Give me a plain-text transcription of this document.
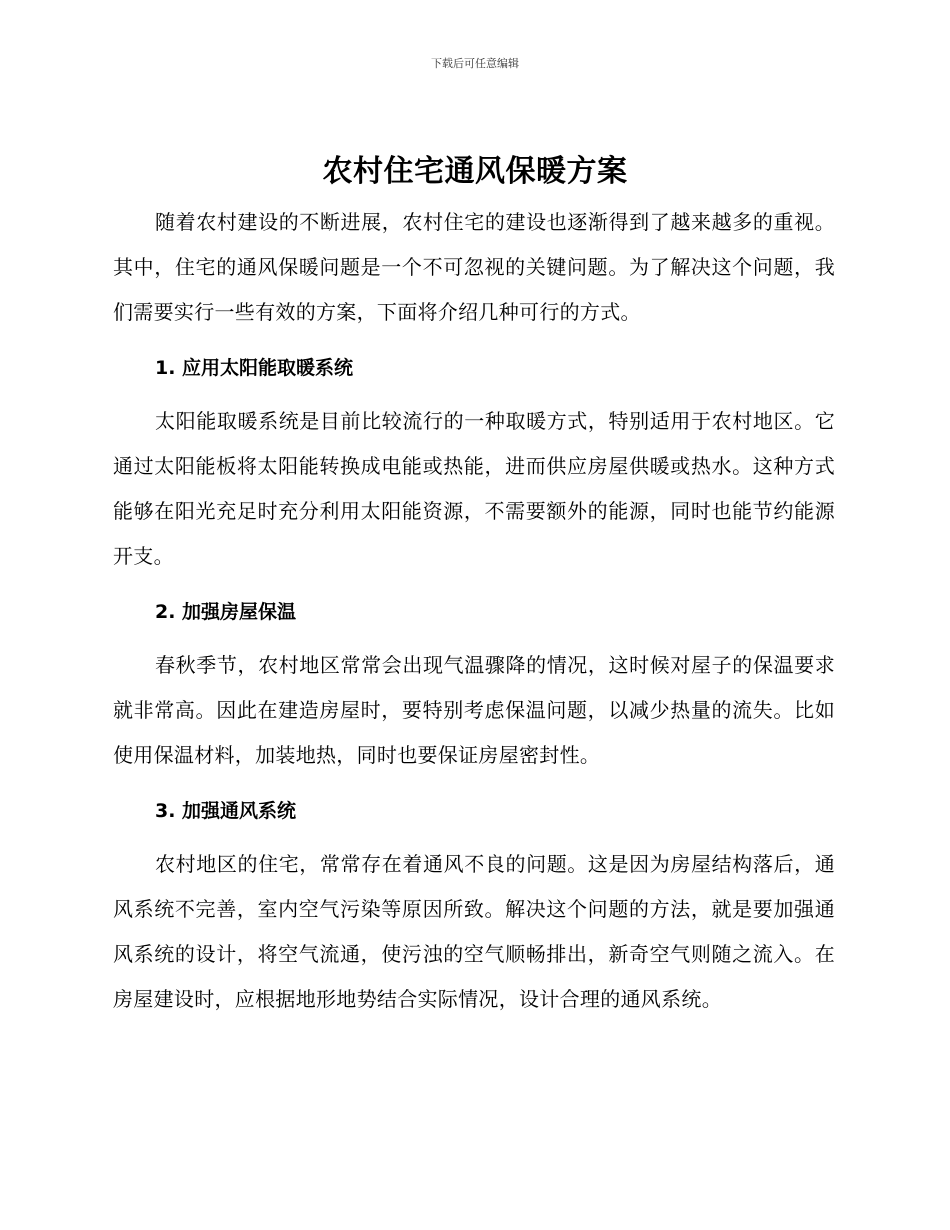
下载后可任意编辑
农村住宅通风保暖方案

随着农村建设的不断进展，农村住宅的建设也逐渐得到了越来越多的重视。其中，住宅的通风保暖问题是一个不可忽视的关键问题。为了解决这个问题，我们需要实行一些有效的方案，下面将介绍几种可行的方式。

1. 应用太阳能取暖系统

太阳能取暖系统是目前比较流行的一种取暖方式，特别适用于农村地区。它通过太阳能板将太阳能转换成电能或热能，进而供应房屋供暖或热水。这种方式能够在阳光充足时充分利用太阳能资源，不需要额外的能源，同时也能节约能源开支。

2. 加强房屋保温

春秋季节，农村地区常常会出现气温骤降的情况，这时候对屋子的保温要求就非常高。因此在建造房屋时，要特别考虑保温问题，以减少热量的流失。比如使用保温材料，加装地热，同时也要保证房屋密封性。

3. 加强通风系统

农村地区的住宅，常常存在着通风不良的问题。这是因为房屋结构落后，通风系统不完善，室内空气污染等原因所致。解决这个问题的方法，就是要加强通风系统的设计，将空气流通，使污浊的空气顺畅排出，新奇空气则随之流入。在房屋建设时，应根据地形地势结合实际情况，设计合理的通风系统。
